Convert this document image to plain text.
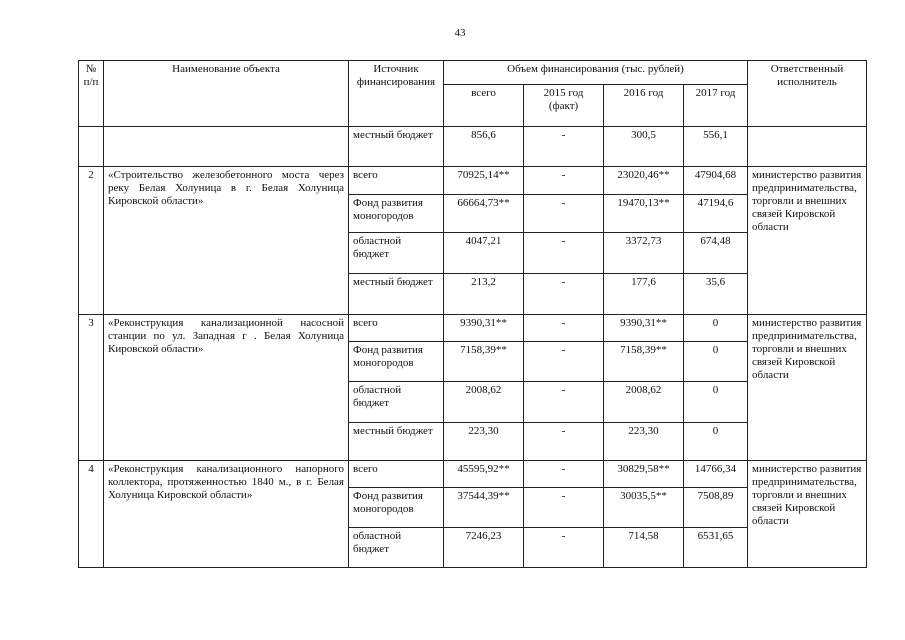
43
№ п/п	Наименование объекта	Источник финансирования	Объем финансирования (тыс. рублей)				Ответственный исполнитель
			всего	2015 год (факт)	2016 год	2017 год	
		местный бюджет	856,6	-	300,5	556,1	
2	«Строительство железобетонного моста через реку Белая Холуница в г. Белая Холуница Кировской области»	всего	70925,14**	-	23020,46**	47904,68	министерство развития предпринимательства, торговли и внешних связей Кировской области
		Фонд развития моногородов	66664,73**	-	19470,13**	47194,6	
		областной бюджет	4047,21	-	3372,73	674,48	
		местный бюджет	213,2	-	177,6	35,6	
3	«Реконструкция канализационной насосной станции по ул. Западная г . Белая Холуница Кировской области»	всего	9390,31**	-	9390,31**	0	министерство развития предпринимательства, торговли и внешних связей Кировской области
		Фонд развития моногородов	7158,39**	-	7158,39**	0	
		областной бюджет	2008,62	-	2008,62	0	
		местный бюджет	223,30	-	223,30	0	
4	«Реконструкция канализационного напорного коллектора, протяженностью 1840 м., в г. Белая Холуница Кировской области»	всего	45595,92**	-	30829,58**	14766,34	министерство развития предпринимательства, торговли и внешних связей Кировской области
		Фонд развития моногородов	37544,39**	-	30035,5**	7508,89	
		областной бюджет	7246,23	-	714,58	6531,65	
